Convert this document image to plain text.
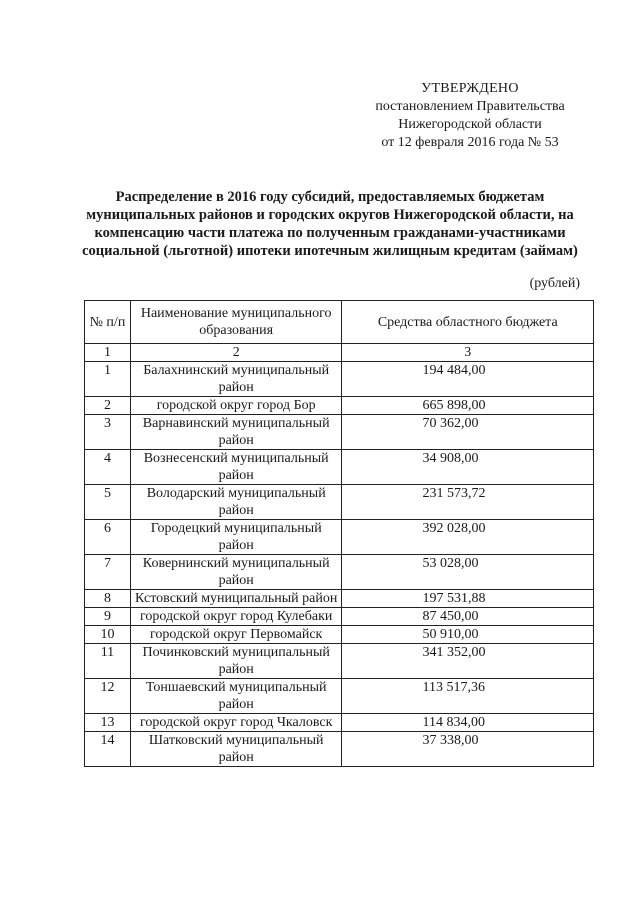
УТВЕРЖДЕНО
постановлением Правительства
Нижегородской области
от 12 февраля 2016 года № 53
Распределение в 2016 году субсидий, предоставляемых бюджетам муниципальных районов и городских округов Нижегородской области, на компенсацию части платежа по полученным гражданами-участниками социальной (льготной) ипотеки ипотечным жилищным кредитам (займам)
(рублей)
№ п/п	Наименование муниципального образования	Средства областного бюджета
1	2	3
1	Балахнинский муниципальный район	194 484,00
2	городской округ город Бор	665 898,00
3	Варнавинский муниципальный район	70 362,00
4	Вознесенский муниципальный район	34 908,00
5	Володарский муниципальный район	231 573,72
6	Городецкий муниципальный район	392 028,00
7	Ковернинский муниципальный район	53 028,00
8	Кстовский муниципальный район	197 531,88
9	городской округ город Кулебаки	87 450,00
10	городской округ Первомайск	50 910,00
11	Починковский муниципальный район	341 352,00
12	Тоншаевский муниципальный район	113 517,36
13	городской округ город Чкаловск	114 834,00
14	Шатковский муниципальный район	37 338,00
